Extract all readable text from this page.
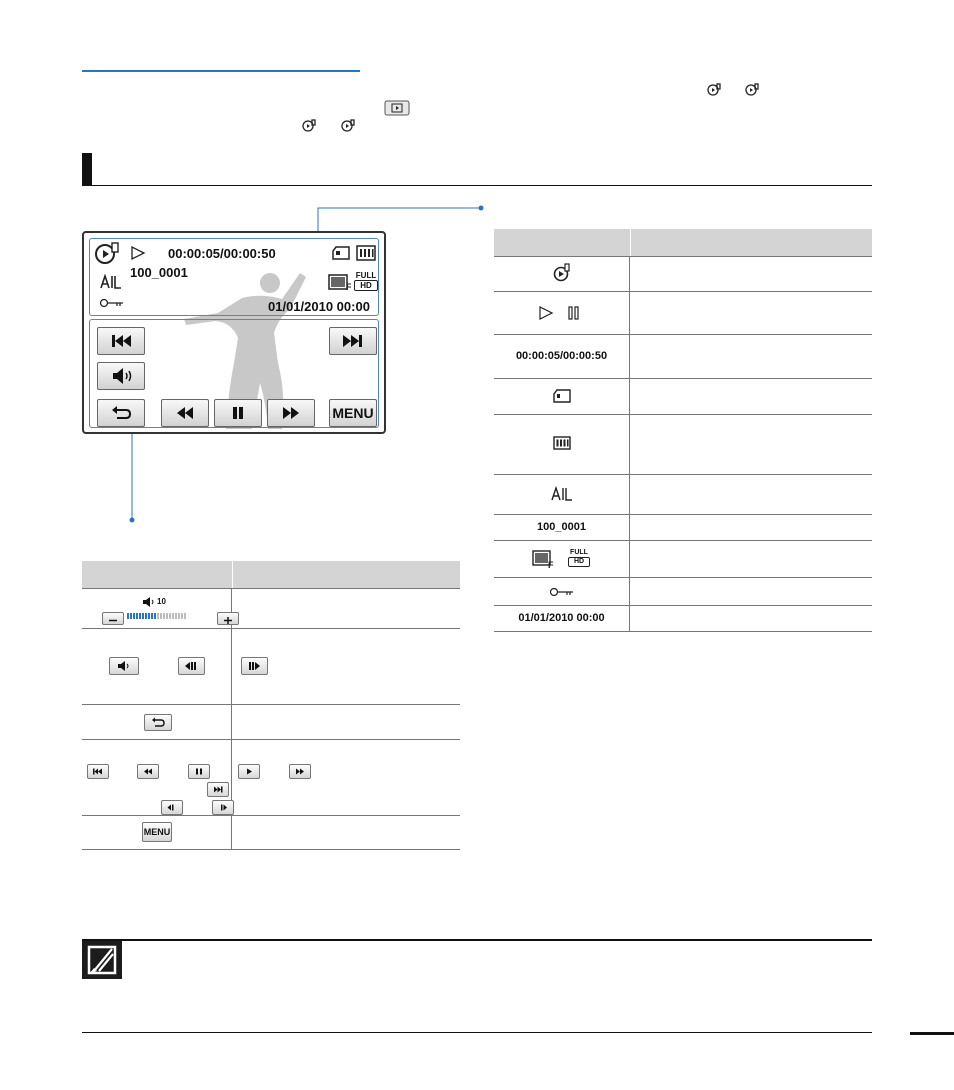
00:00:05/00:00:50
100_0001
F
FULL
HD
01/01/2010 00:00
MENU
10

MENU
00:00:05/00:00:50
100_0001
F
FULL
HD
01/01/2010 00:00
